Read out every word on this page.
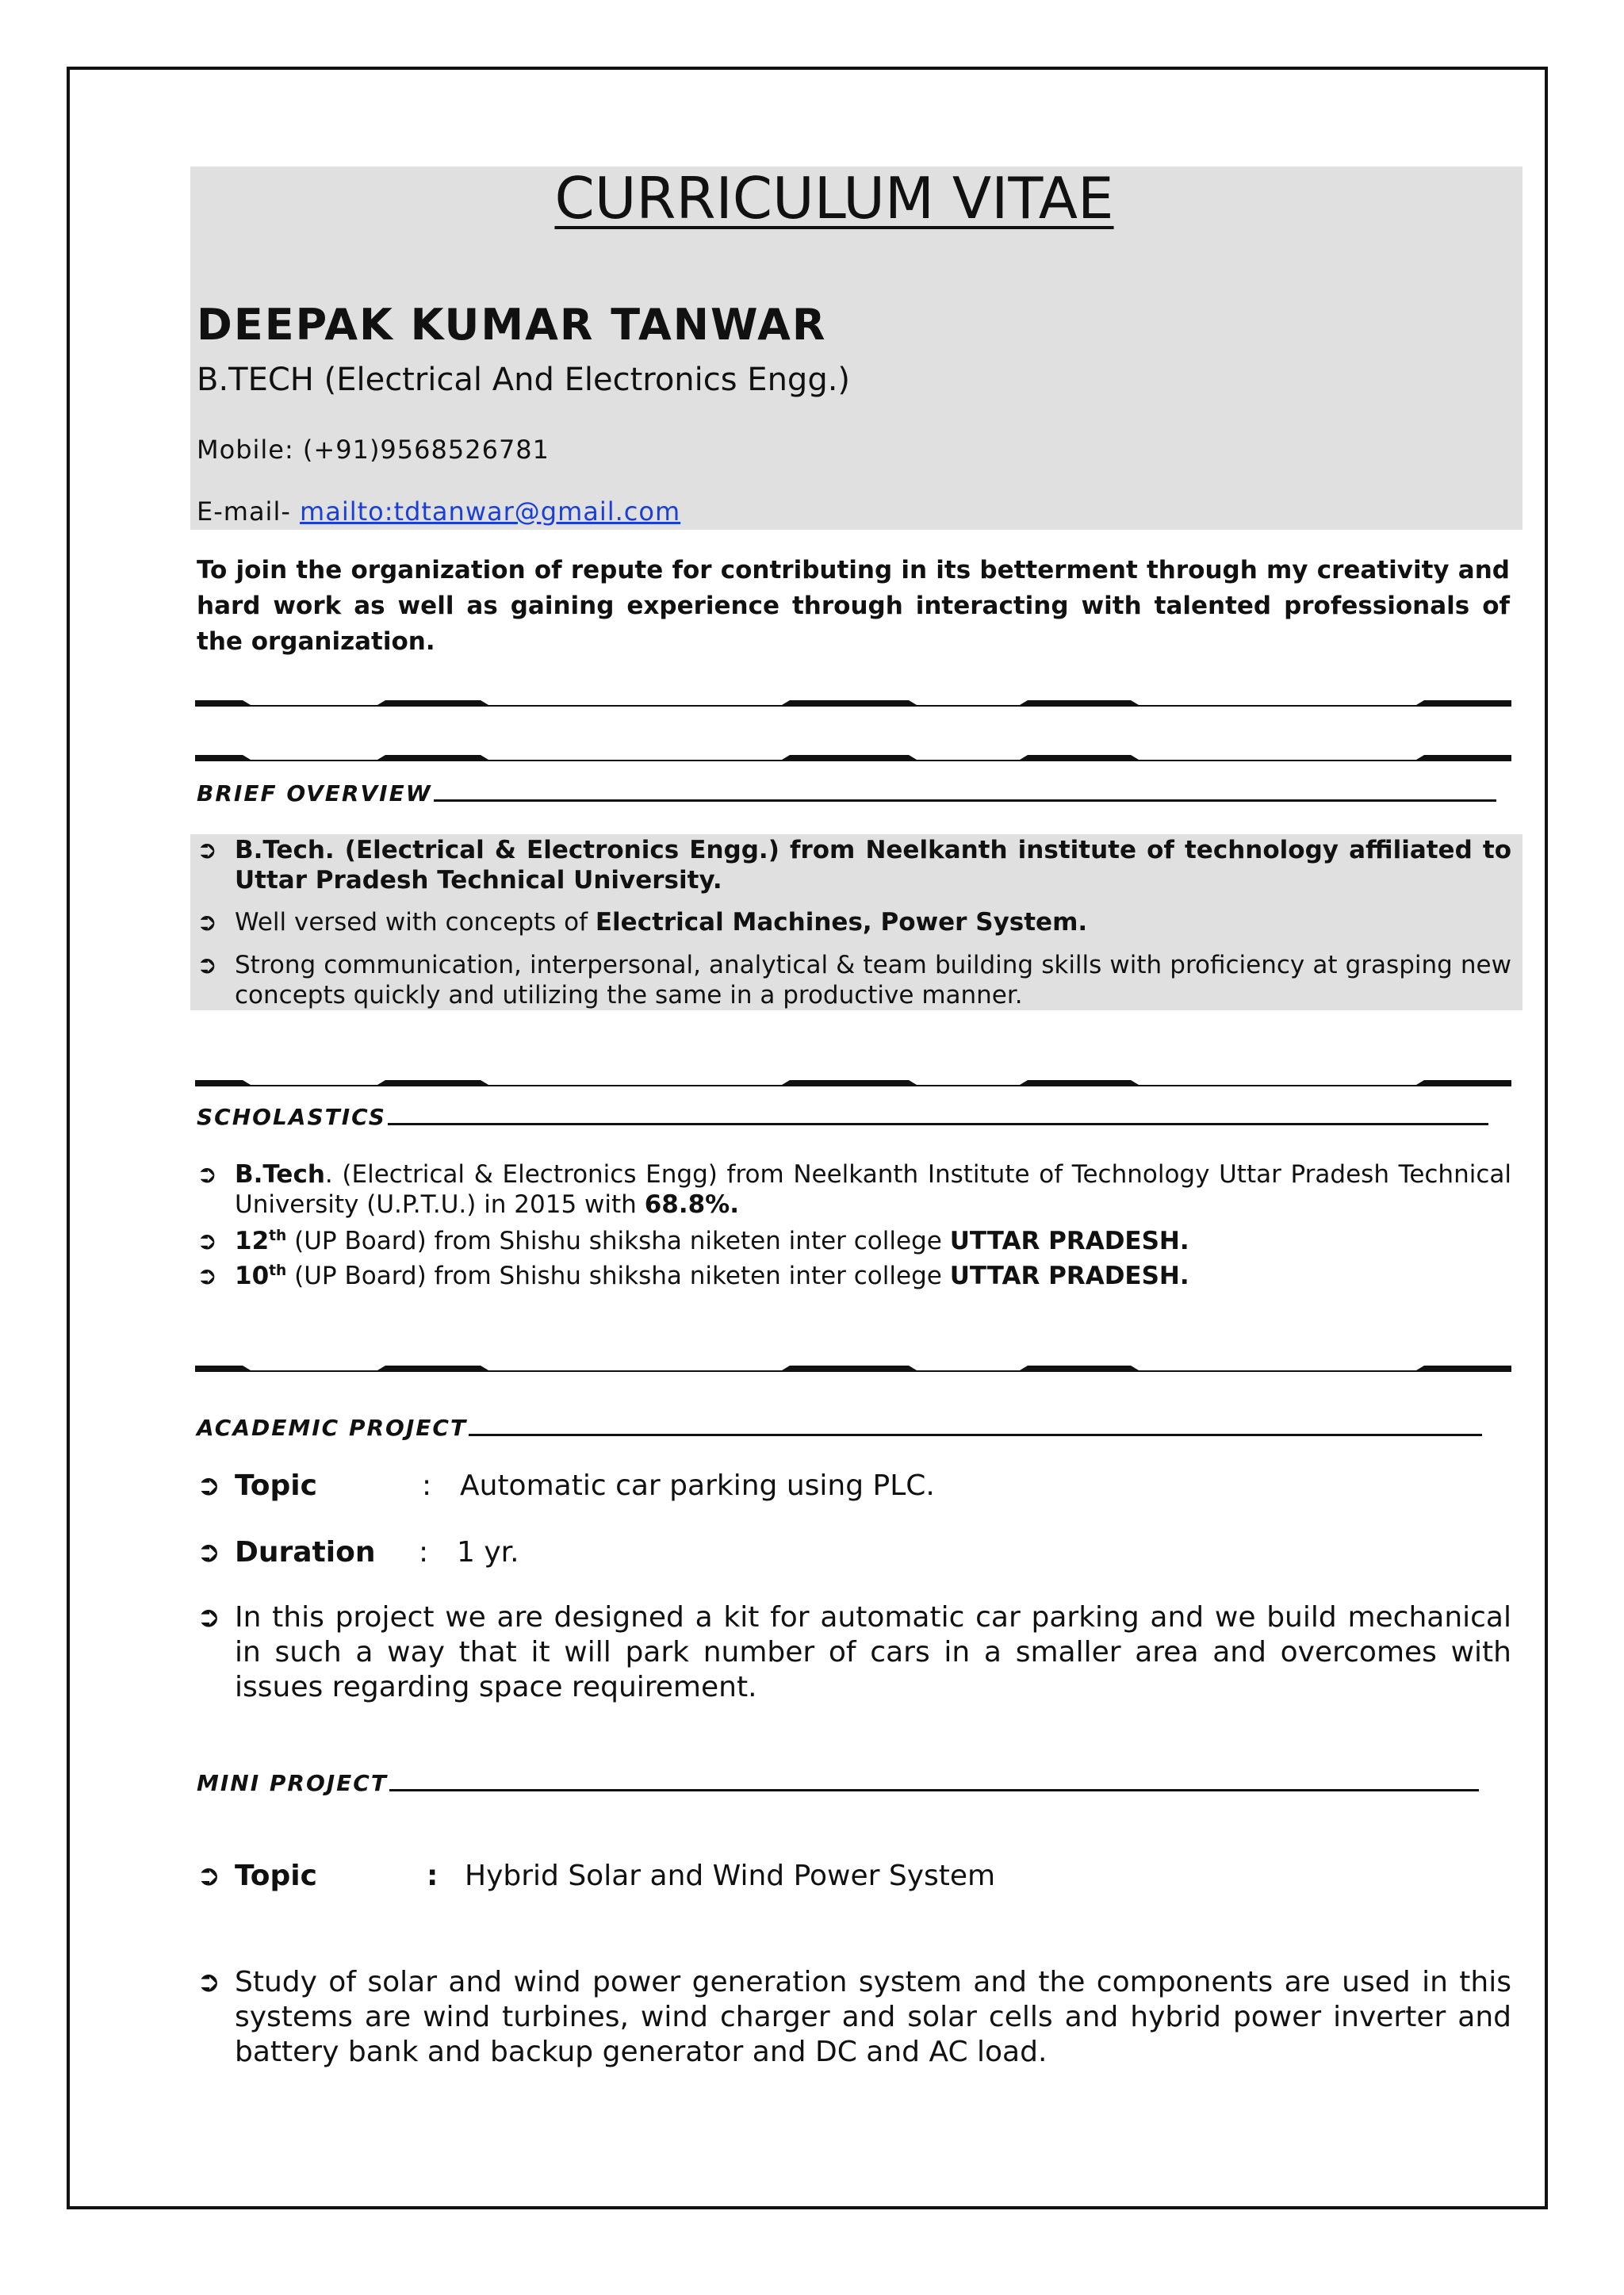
CURRICULUM VITAE
DEEPAK KUMAR TANWAR
B.TECH (Electrical And Electronics Engg.)
Mobile: (+91)9568526781
E-mail- mailto:tdtanwar@gmail.com
To join the organization of repute for contributing in its betterment through my creativity and hard work as well as gaining experience through interacting with talented professionals of the organization.
BRIEF OVERVIEW
➲ B.Tech. (Electrical & Electronics Engg.) from Neelkanth institute of technology affiliated to Uttar Pradesh Technical University.
➲ Well versed with concepts of Electrical Machines, Power System.
➲ Strong communication, interpersonal, analytical & team building skills with proficiency at grasping new concepts quickly and utilizing the same in a productive manner.
SCHOLASTICS
➲ B.Tech. (Electrical & Electronics Engg) from Neelkanth Institute of Technology Uttar Pradesh Technical University (U.P.T.U.) in 2015 with 68.8%.
➲ 12th (UP Board) from Shishu shiksha niketen inter college UTTAR PRADESH.
➲ 10th (UP Board) from Shishu shiksha niketen inter college UTTAR PRADESH.
ACADEMIC PROJECT
➲ Topic	: Automatic car parking using PLC.
➲ Duration : 1 yr.
➲ In this project we are designed a kit for automatic car parking and we build mechanical in such a way that it will park number of cars in a smaller area and overcomes with issues regarding space requirement.
MINI PROJECT
➲ Topic	: Hybrid Solar and Wind Power System
➲ Study of solar and wind power generation system and the components are used in this systems are wind turbines, wind charger and solar cells and hybrid power inverter and battery bank and backup generator and DC and AC load.
